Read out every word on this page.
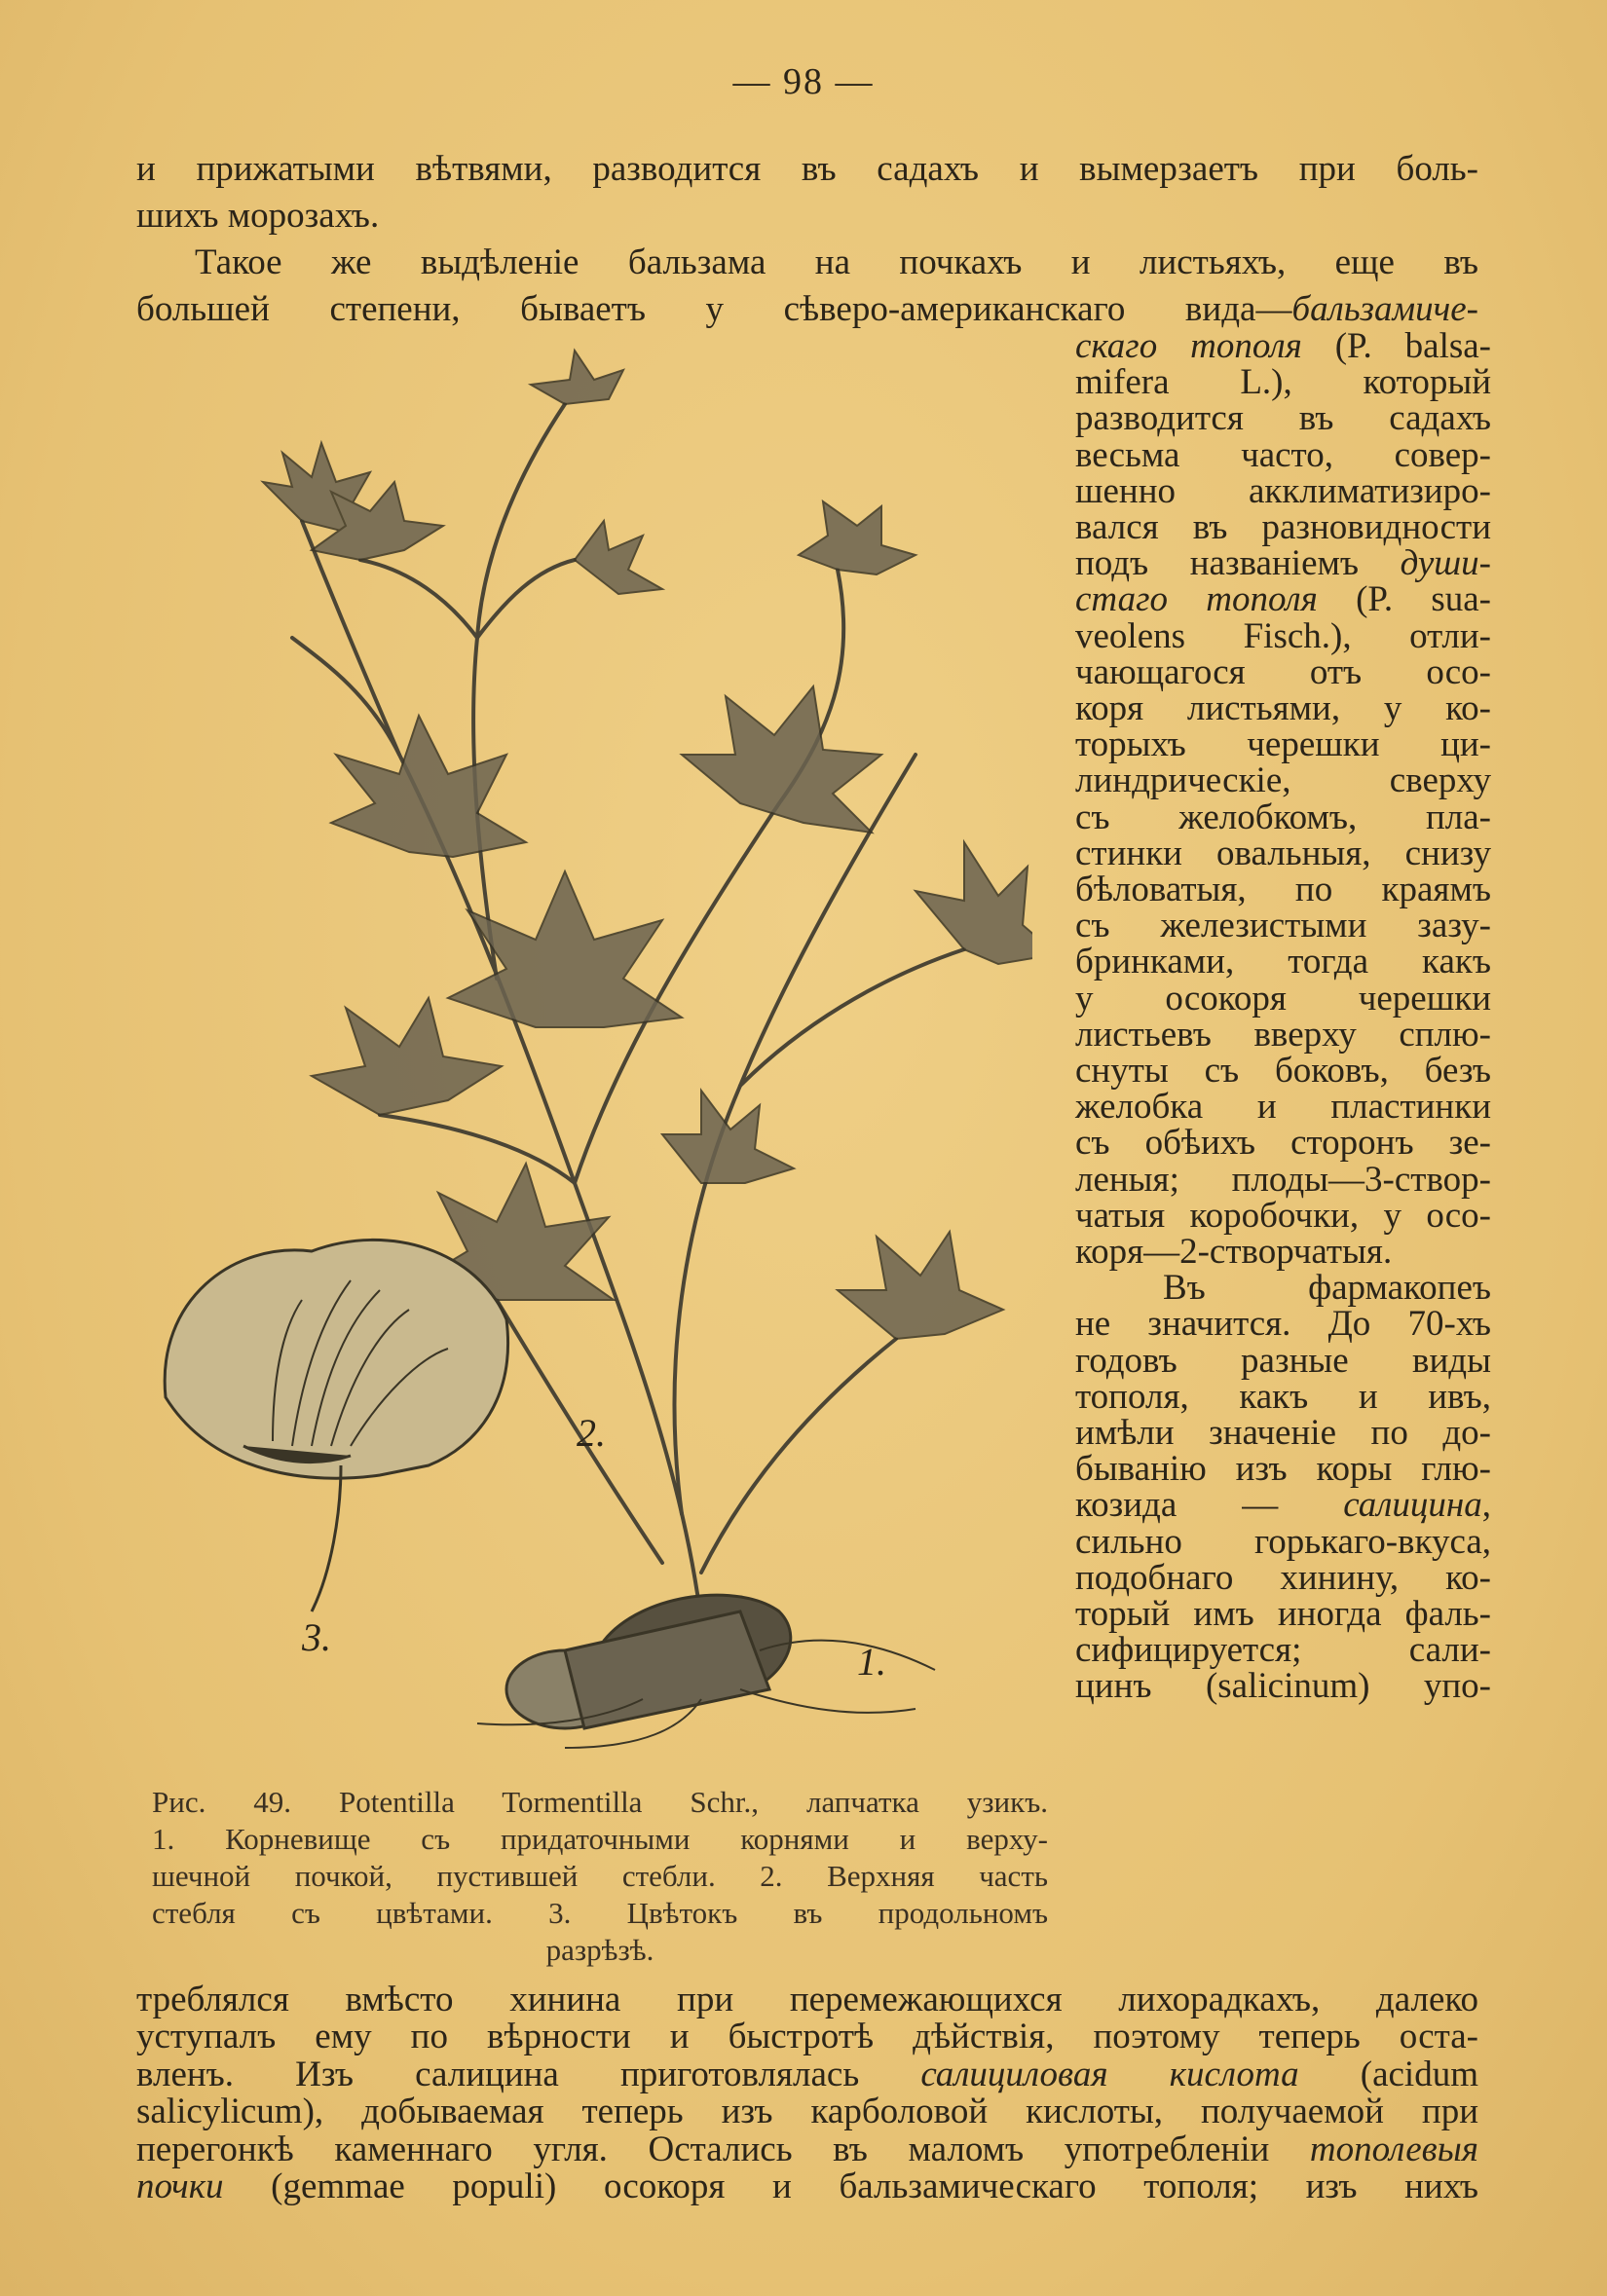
— 98 —
и прижатыми вѣтвями, разводится въ садахъ и вымерзаетъ при боль-
шихъ морозахъ.
Такое же выдѣленіе бальзама на почкахъ и листьяхъ, еще въ
большей степени, бываетъ у сѣверо-американскаго вида—бальзамиче-
скаго тополя (P. balsa-
mifera L.), который
разводится въ садахъ
весьма часто, совер-
шенно акклиматизиро-
вался въ разновидности
подъ названіемъ души-
стаго тополя (P. sua-
veolens Fisch.), отли-
чающагося отъ осо-
коря листьями, у ко-
торыхъ черешки ци-
линдрическіе, сверху
съ желобкомъ, пла-
стинки овальныя, снизу
бѣловатыя, по краямъ
съ железистыми зазу-
бринками, тогда какъ
у осокоря черешки
листьевъ вверху сплю-
снуты съ боковъ, безъ
желобка и пластинки
съ обѣихъ сторонъ зе-
леныя; плоды—3-створ-
чатыя коробочки, у осо-
коря—2-створчатыя.
Въ фармакопеъ
не значится. До 70-хъ
годовъ разные виды
тополя, какъ и ивъ,
имѣли значеніе по до-
быванію изъ коры глю-
козида — салицина,
сильно горькаго-вкуса,
подобнаго хинину, ко-
торый имъ иногда фаль-
сифицируется; сали-
цинъ (salicinum) упо-
1.
2.
3.
Рис. 49. Potentilla Tormentilla Schr., лапчатка узикъ.
1. Корневище съ придаточными корнями и верху-
шечной почкой, пустившей стебли. 2. Верхняя часть
стебля съ цвѣтами. 3. Цвѣтокъ въ продольномъ
разрѣзѣ.
треблялся вмѣсто хинина при перемежающихся лихорадкахъ, далеко
уступалъ ему по вѣрности и быстротѣ дѣйствія, поэтому теперь оста-
вленъ. Изъ салицина приготовлялась салициловая кислота (acidum
salicylicum), добываемая теперь изъ карболовой кислоты, получаемой при
перегонкѣ каменнаго угля. Остались въ маломъ употребленіи тополевыя
почки (gemmae populi) осокоря и бальзамическаго тополя; изъ нихъ
